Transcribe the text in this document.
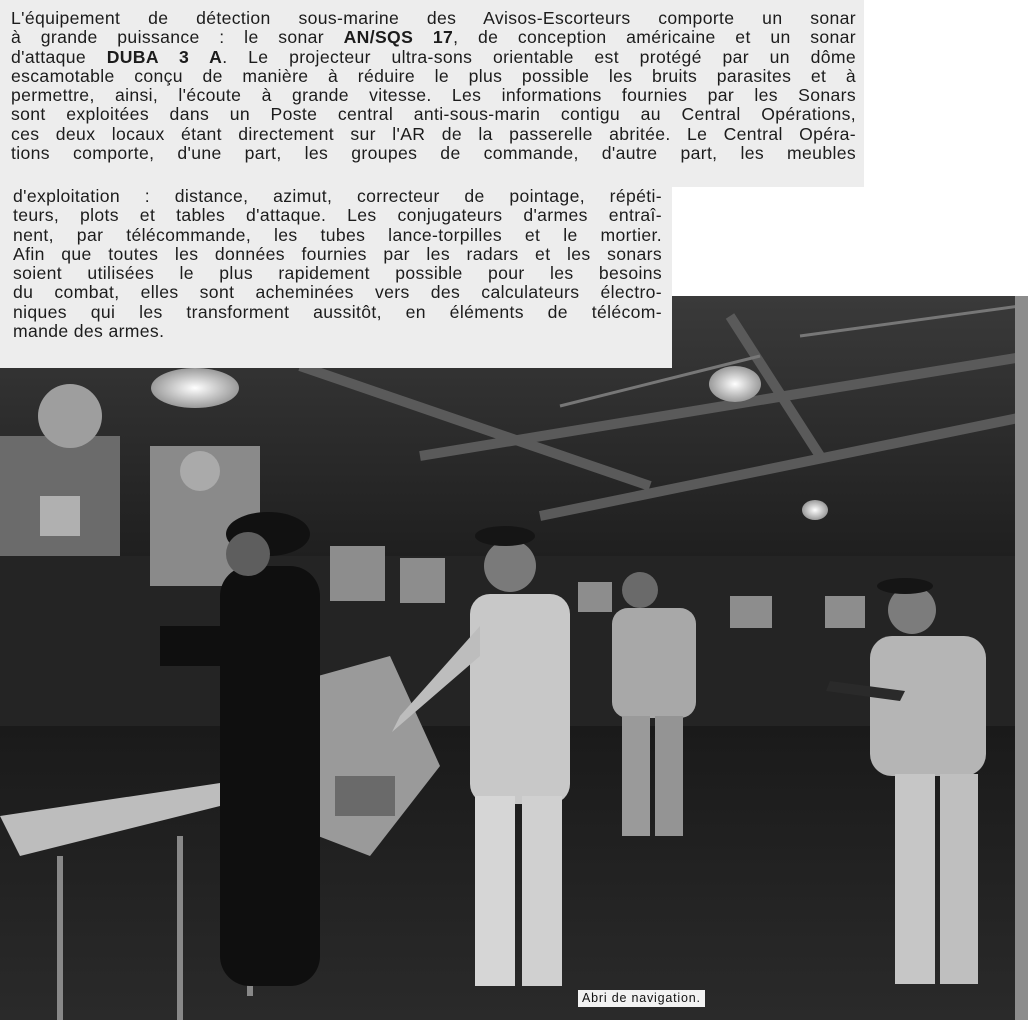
L'équipement de détection sous-marine des Avisos-Escorteurs comporte un sonar
à grande puissance : le sonar AN/SQS 17, de conception américaine et un sonar
d'attaque DUBA 3 A. Le projecteur ultra-sons orientable est protégé par un dôme
escamotable conçu de manière à réduire le plus possible les bruits parasites et à
permettre, ainsi, l'écoute à grande vitesse. Les informations fournies par les Sonars
sont exploitées dans un Poste central anti-sous-marin contigu au Central Opérations,
ces deux locaux étant directement sur l'AR de la passerelle abritée. Le Central Opéra-
tions comporte, d'une part, les groupes de commande, d'autre part, les meubles
d'exploitation : distance, azimut, correcteur de pointage, répéti-
teurs, plots et tables d'attaque. Les conjugateurs d'armes entraî-
nent, par télécommande, les tubes lance-torpilles et le mortier.
Afin que toutes les données fournies par les radars et les sonars
soient utilisées le plus rapidement possible pour les besoins
du combat, elles sont acheminées vers des calculateurs électro-
niques qui les transforment aussitôt, en éléments de télécom-
mande des armes.
Abri de navigation.
